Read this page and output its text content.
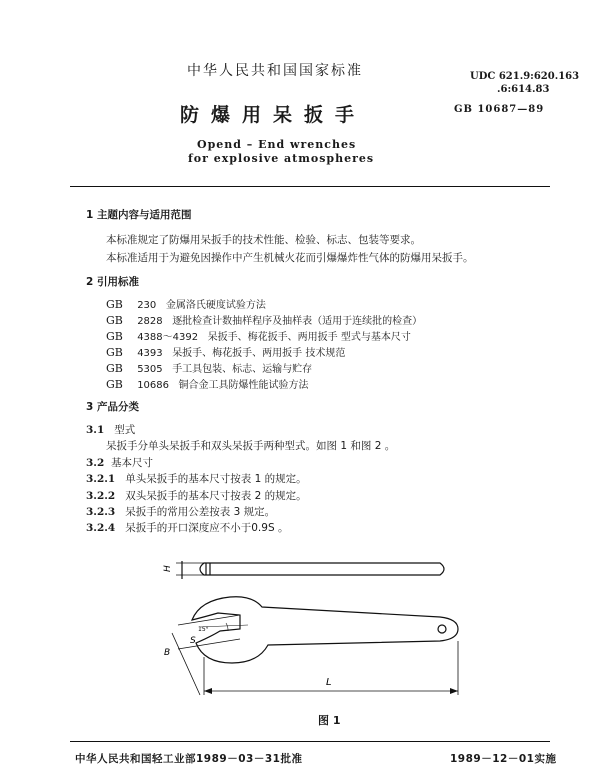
中华人民共和国国家标准
防爆用呆扳手
Opend – End wrenches
for explosive atmospheres
UDC 621.9:620.163
.6:614.83
GB 10687—89
1 主题内容与适用范围
本标准规定了防爆用呆扳手的技术性能、检验、标志、包装等要求。
本标准适用于为避免因操作中产生机械火花而引爆爆炸性气体的防爆用呆扳手。
2 引用标准
GB 230 金属洛氏硬度试验方法
GB 2828 逐批检查计数抽样程序及抽样表（适用于连续批的检查）
GB 4388～4392 呆扳手、梅花扳手、两用扳手 型式与基本尺寸
GB 4393 呆扳手、梅花扳手、两用扳手 技术规范
GB 5305 手工具包装、标志、运输与贮存
GB 10686 铜合金工具防爆性能试验方法
3 产品分类
3.1 型式
呆扳手分单头呆扳手和双头呆扳手两种型式。如图 1 和图 2 。
3.2 基本尺寸
3.2.1 单头呆扳手的基本尺寸按表 1 的规定。
3.2.2 双头呆扳手的基本尺寸按表 2 的规定。
3.2.3 呆扳手的常用公差按表 3 规定。
3.2.4 呆扳手的开口深度应不小于0.9S 。
H
S
B
L
15°
图 1
中华人民共和国轻工业部1989－03－31批准	1989－12－01实施
